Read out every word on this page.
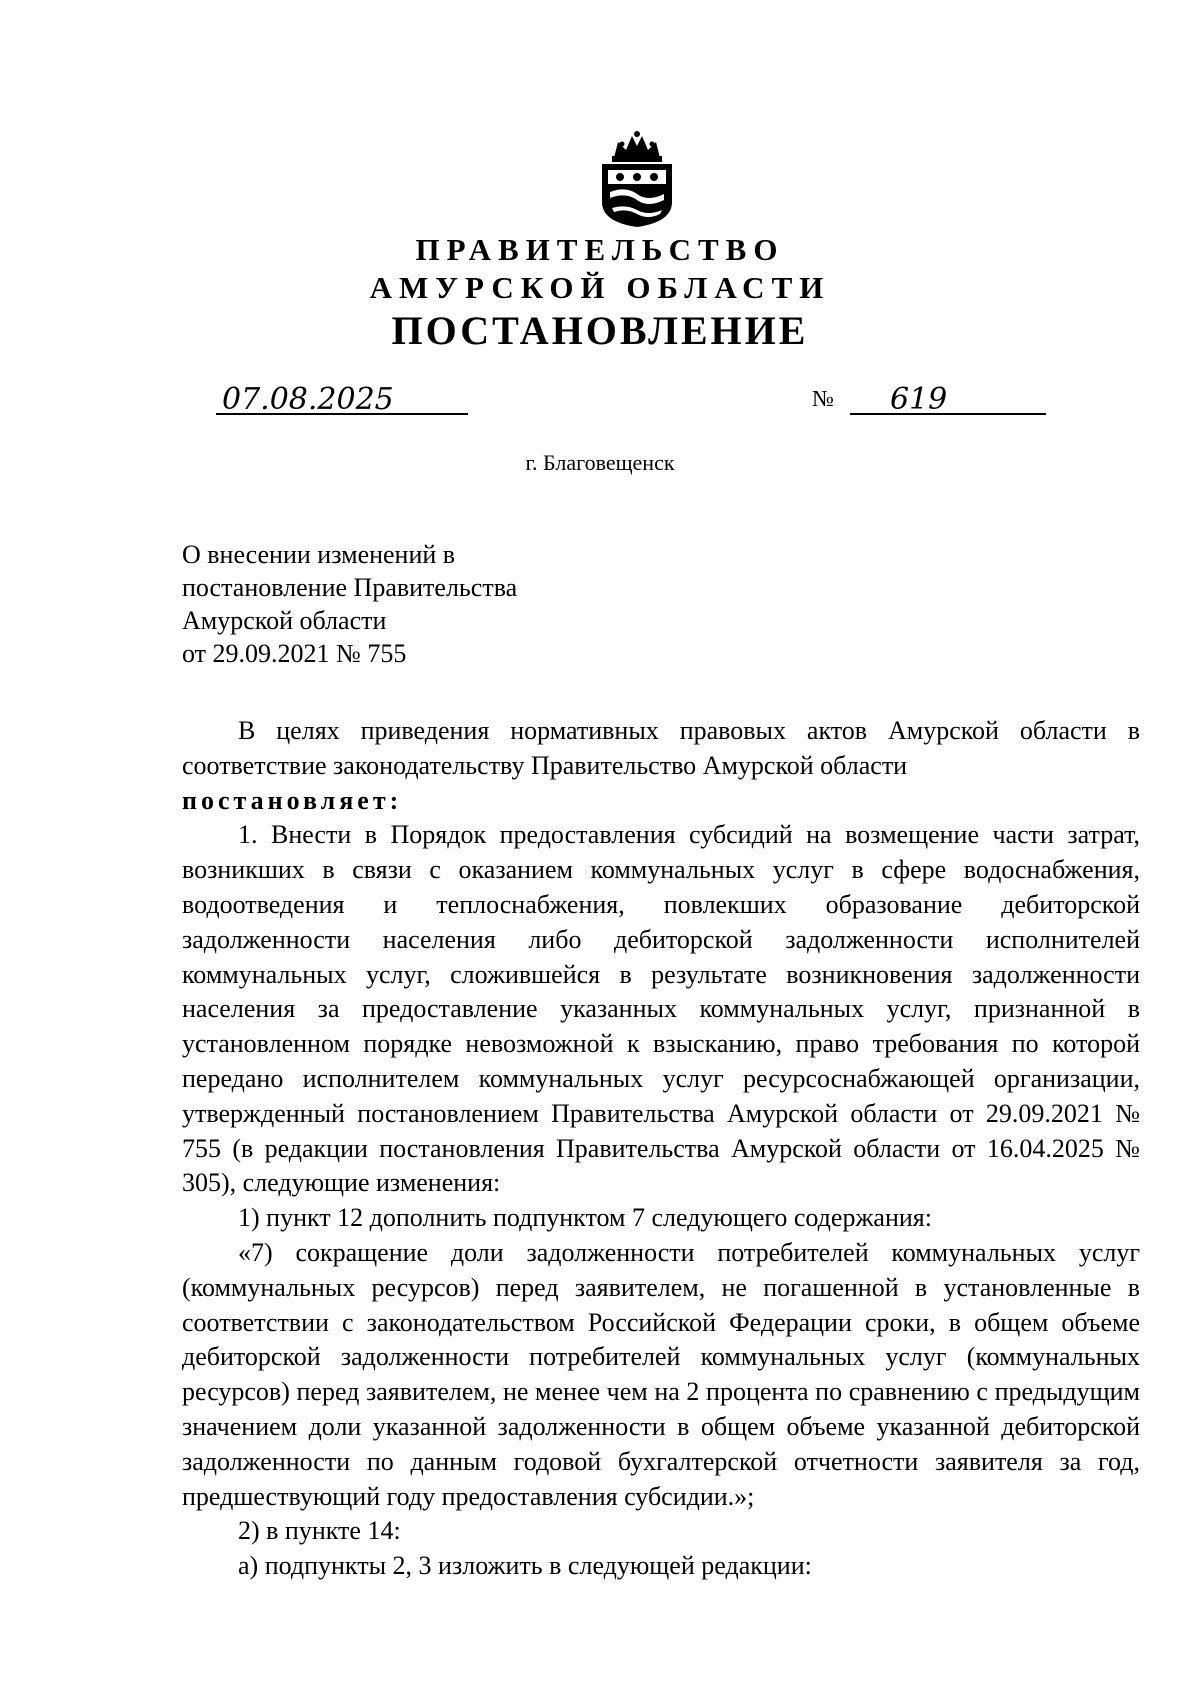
ПРАВИТЕЛЬСТВО
АМУРСКОЙ ОБЛАСТИ
ПОСТАНОВЛЕНИЕ
07.08.2025	№ 619
г. Благовещенск
О внесении изменений в
постановление Правительства
Амурской области
от 29.09.2021 № 755

В целях приведения нормативных правовых актов Амурской области в соответствие законодательству Правительство Амурской области

постановляет:

1. Внести в Порядок предоставления субсидий на возмещение части затрат, возникших в связи с оказанием коммунальных услуг в сфере водоснабжения, водоотведения и теплоснабжения, повлекших образование дебиторской задолженности населения либо дебиторской задолженности исполнителей коммунальных услуг, сложившейся в результате возникновения задолженности населения за предоставление указанных коммунальных услуг, признанной в установленном порядке невозможной к взысканию, право требования по которой передано исполнителем коммунальных услуг ресурсоснабжающей организации, утвержденный постановлением Правительства Амурской области от 29.09.2021 № 755 (в редакции постановления Правительства Амурской области от 16.04.2025 № 305), следующие изменения:

1) пункт 12 дополнить подпунктом 7 следующего содержания:

«7) сокращение доли задолженности потребителей коммунальных услуг (коммунальных ресурсов) перед заявителем, не погашенной в установленные в соответствии с законодательством Российской Федерации сроки, в общем объеме дебиторской задолженности потребителей коммунальных услуг (коммунальных ресурсов) перед заявителем, не менее чем на 2 процента по сравнению с предыдущим значением доли указанной задолженности в общем объеме указанной дебиторской задолженности по данным годовой бухгалтерской отчетности заявителя за год, предшествующий году предоставления субсидии.»;

2) в пункте 14:

а) подпункты 2, 3 изложить в следующей редакции:
